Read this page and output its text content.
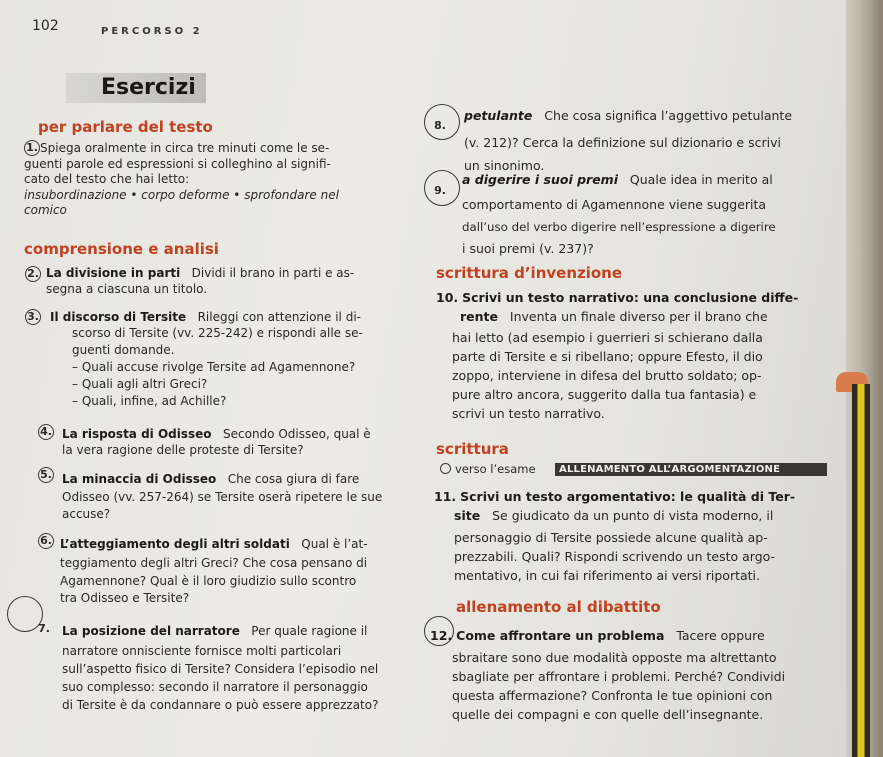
102	PERCORSO 2
Esercizi
per parlare del testo
1. Spiega oralmente in circa tre minuti come le se-
guenti parole ed espressioni si colleghino al signifi-
cato del testo che hai letto:
insubordinazione • corpo deforme • sprofondare nel
comico
comprensione e analisi
2. La divisione in parti Dividi il brano in parti e as-
segna a ciascuna un titolo.
3. Il discorso di Tersite Rileggi con attenzione il di-
scorso di Tersite (vv. 225-242) e rispondi alle se-
guenti domande.
– Quali accuse rivolge Tersite ad Agamennone?
– Quali agli altri Greci?
– Quali, infine, ad Achille?
4. La risposta di Odisseo Secondo Odisseo, qual è
la vera ragione delle proteste di Tersite?
5. La minaccia di Odisseo Che cosa giura di fare
Odisseo (vv. 257-264) se Tersite oserà ripetere le sue
accuse?
6. L’atteggiamento degli altri soldati Qual è l’at-
teggiamento degli altri Greci? Che cosa pensano di
Agamennone? Qual è il loro giudizio sullo scontro
tra Odisseo e Tersite?
7. La posizione del narratore Per quale ragione il
narratore onnisciente fornisce molti particolari
sull’aspetto fisico di Tersite? Considera l’episodio nel
suo complesso: secondo il narratore il personaggio
di Tersite è da condannare o può essere apprezzato?
8.
petulante Che cosa significa l’aggettivo petulante
(v. 212)? Cerca la definizione sul dizionario e scrivi
un sinonimo.
9.
a digerire i suoi premi Quale idea in merito al
comportamento di Agamennone viene suggerita
dall’uso del verbo digerire nell’espressione a digerire
i suoi premi (v. 237)?
scrittura d’invenzione
10. Scrivi un testo narrativo: una conclusione diffe-
rente Inventa un finale diverso per il brano che
hai letto (ad esempio i guerrieri si schierano dalla
parte di Tersite e si ribellano; oppure Efesto, il dio
zoppo, interviene in difesa del brutto soldato; op-
pure altro ancora, suggerito dalla tua fantasia) e
scrivi un testo narrativo.
scrittura
verso l’esame	ALLENAMENTO ALL’ARGOMENTAZIONE
11. Scrivi un testo argomentativo: le qualità di Ter-
site Se giudicato da un punto di vista moderno, il
personaggio di Tersite possiede alcune qualità ap-
prezzabili. Quali? Rispondi scrivendo un testo argo-
mentativo, in cui fai riferimento ai versi riportati.
allenamento al dibattito
12. Come affrontare un problema Tacere oppure
sbraitare sono due modalità opposte ma altrettanto
sbagliate per affrontare i problemi. Perché? Condividi
questa affermazione? Confronta le tue opinioni con
quelle dei compagni e con quelle dell’insegnante.
